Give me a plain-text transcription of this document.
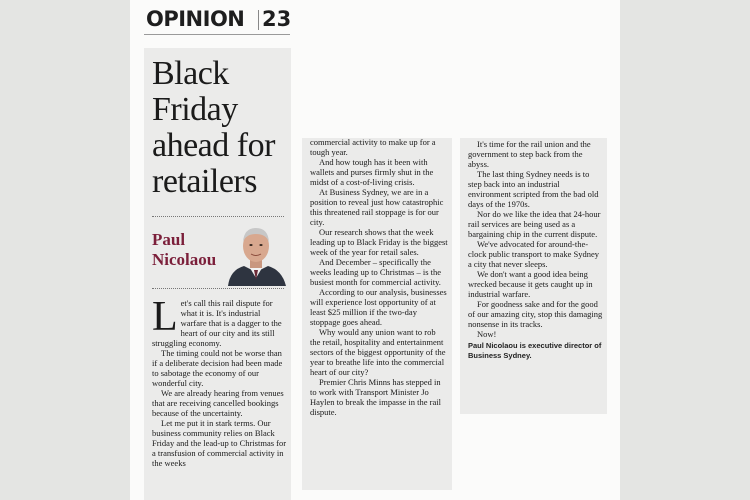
OPINION 23
Black Friday ahead for retailers
Paul
Nicolaou

Let's call this rail dispute for what it is. It's industrial warfare that is a dagger to the heart of our city and its still struggling economy.

The timing could not be worse than if a deliberate decision had been made to sabotage the economy of our wonderful city.

We are already hearing from venues that are receiving cancelled bookings because of the uncertainty.

Let me put it in stark terms. Our business community relies on Black Friday and the lead-up to Christmas for a transfusion of commercial activity in the weeks

commercial activity to make up for a tough year.

And how tough has it been with wallets and purses firmly shut in the midst of a cost-of-living crisis.

At Business Sydney, we are in a position to reveal just how catastrophic this threatened rail stoppage is for our city.

Our research shows that the week leading up to Black Friday is the biggest week of the year for retail sales.

And December – specifically the weeks leading up to Christmas – is the busiest month for commercial activity.

According to our analysis, businesses will experience lost opportunity of at least $25 million if the two-day stoppage goes ahead.

Why would any union want to rob the retail, hospitality and entertainment sectors of the biggest opportunity of the year to breathe life into the commercial heart of our city?

Premier Chris Minns has stepped in to work with Transport Minister Jo Haylen to break the impasse in the rail dispute.

It's time for the rail union and the government to step back from the abyss.

The last thing Sydney needs is to step back into an industrial environment scripted from the bad old days of the 1970s.

Nor do we like the idea that 24-hour rail services are being used as a bargaining chip in the current dispute.

We've advocated for around-the-clock public transport to make Sydney a city that never sleeps.

We don't want a good idea being wrecked because it gets caught up in industrial warfare.

For goodness sake and for the good of our amazing city, stop this damaging nonsense in its tracks.

Now!

Paul Nicolaou is executive director of Business Sydney.
